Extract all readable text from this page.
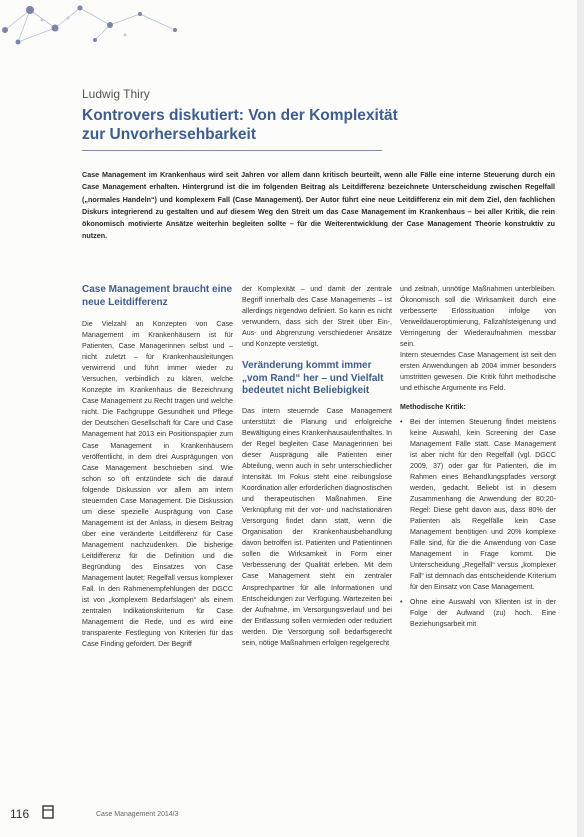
Ludwig Thiry
Kontrovers diskutiert: Von der Komplexität zur Unvorhersehbarkeit
Case Management im Krankenhaus wird seit Jahren vor allem dann kritisch beurteilt, wenn alle Fälle eine interne Steuerung durch ein Case Management erhalten. Hintergrund ist die im folgenden Beitrag als Leitdifferenz bezeichnete Unterscheidung zwischen Regelfall („normales Handeln“) und komplexem Fall (Case Management). Der Autor führt eine neue Leitdifferenz ein mit dem Ziel, den fachlichen Diskurs integrierend zu gestalten und auf diesem Weg den Streit um das Case Management im Krankenhaus – bei aller Kritik, die rein ökonomisch motivierte Ansätze weiterhin begleiten sollte – für die Weiterentwicklung der Case Management Theorie konstruktiv zu nutzen.
Case Management braucht eine neue Leitdifferenz

Die Vielzahl an Konzepten von Case Management im Krankenhäusern ist für Patienten, Case Managerinnen selbst und – nicht zuletzt – für Krankenhausleitungen verwirrend und führt immer wieder zu Versuchen, verbindlich zu klären, welche Konzepte im Krankenhaus die Bezeichnung Case Management zu Recht tragen und welche nicht. Die Fachgruppe Gesundheit und Pflege der Deutschen Gesellschaft für Care und Case Management hat 2013 ein Positionspapier zum Case Management in Krankenhäusern veröffentlicht, in dem drei Ausprägungen von Case Management beschrieben sind. Wie schon so oft entzündete sich die darauf folgende Diskussion vor allem am intern steuernden Case Management. Die Diskussion um diese spezielle Ausprägung von Case Management ist der Anlass, in diesem Beitrag über eine veränderte Leitdifferenz für Case Management nachzudenken. Die bisherige Leitdifferenz für die Definition und die Begründung des Einsatzes von Case Management lautet: Regelfall versus komplexer Fall. In den Rahmenempfehlungen der DGCC ist von „komplexem Bedarfslagen“ als einem zentralen Indikationskriterium für Case Management die Rede, und es wird eine transparente Festlegung von Kriterien für das Case Finding gefordert. Der Begriff

der Komplexität – und damit der zentrale Begriff innerhalb des Case Managements – ist allerdings nirgendwo definiert. So kann es nicht verwundern, dass sich der Streit über Ein-, Aus- und Abgrenzung verschiedener Ansätze und Konzepte verstetigt.

Veränderung kommt immer „vom Rand“ her – und Vielfalt bedeutet nicht Beliebigkeit

Das intern steuernde Case Management unterstützt die Planung und erfolgreiche Bewältigung eines Krankenhausaufenthaltes. In der Regel begleiten Case Managerinnen bei dieser Ausprägung alle Patienten einer Abteilung, wenn auch in sehr unterschiedlicher Intensität. Im Fokus steht eine reibungslose Koordination aller erforderlichen diagnostischen und therapeutischen Maßnahmen. Eine Verknüpfung mit der vor- und nachstationären Versorgung findet dann statt, wenn die Organisation der Krankenhausbehandlung davon betroffen ist. Patienten und Patientinnen sollen die Wirksamkeit in Form einer Verbesserung der Qualität erleben. Mit dem Case Management steht ein zentraler Ansprechpartner für alle Informationen und Entscheidungen zur Verfügung. Wartezeiten bei der Aufnahme, im Versorgungsverlauf und bei der Entlassung sollen vermieden oder reduziert werden. Die Versorgung soll bedarfsgerecht sein, nötige Maßnahmen erfolgen regelgerecht

und zeitnah, unnötige Maßnahmen unterbleiben. Ökonomisch soll die Wirksamkeit durch eine verbesserte Erlössituation infolge von Verweildaueroptimierung, Fallzahlsteigerung und Verringerung der Wiederaufnahmen messbar sein.

Intern steuerndes Case Management ist seit den ersten Anwendungen ab 2004 immer besonders umstritten gewesen. Die Kritik führt methodische und ethische Argumente ins Feld.

Methodische Kritik:
• Bei der internen Steuerung findet meistens keine Auswahl, kein Screening der Case Management Fälle statt. Case Management ist aber nicht für den Regelfall (vgl. DGCC 2009, 37) oder gar für Patienten, die im Rahmen eines Behandlungspfades versorgt werden, gedacht. Beliebt ist in diesem Zusammenhang die Anwendung der 80:20-Regel: Diese geht davon aus, dass 80% der Patienten als Regelfälle kein Case Management benötigen und 20% komplexe Fälle sind, für die die Anwendung von Case Management in Frage kommt. Die Unterscheidung „Regelfall“ versus „komplexer Fall“ ist demnach das entscheidende Kriterium für den Einsatz von Case Management.
• Ohne eine Auswahl von Klienten ist in der Folge der Aufwand (zu) hoch. Eine Beziehungsarbeit mit
116	Case Management 2014/3
